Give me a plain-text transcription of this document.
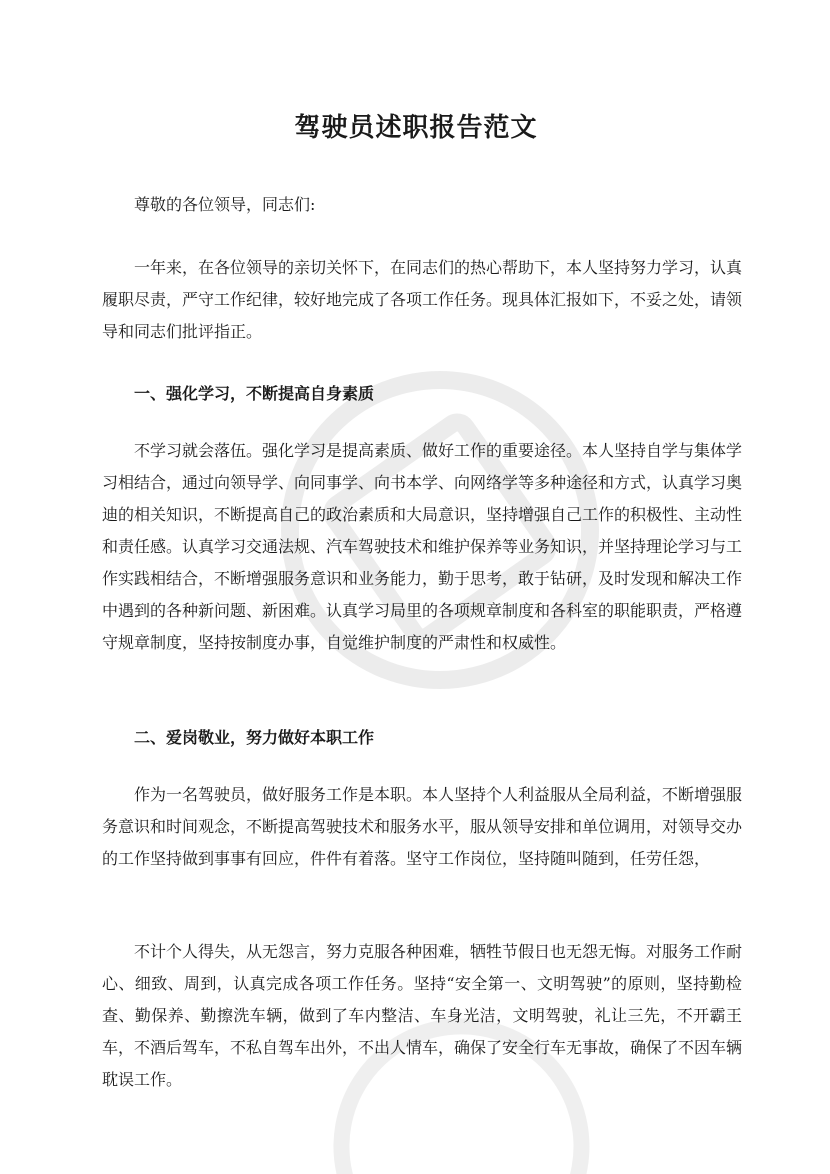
驾驶员述职报告范文

尊敬的各位领导，同志们:

一年来，在各位领导的亲切关怀下，在同志们的热心帮助下，本人坚持努力学习，认真履职尽责，严守工作纪律，较好地完成了各项工作任务。现具体汇报如下，不妥之处，请领导和同志们批评指正。

一、强化学习，不断提高自身素质

不学习就会落伍。强化学习是提高素质、做好工作的重要途径。本人坚持自学与集体学习相结合，通过向领导学、向同事学、向书本学、向网络学等多种途径和方式，认真学习奥迪的相关知识，不断提高自己的政治素质和大局意识，坚持增强自己工作的积极性、主动性和责任感。认真学习交通法规、汽车驾驶技术和维护保养等业务知识，并坚持理论学习与工作实践相结合，不断增强服务意识和业务能力，勤于思考，敢于钻研，及时发现和解决工作中遇到的各种新问题、新困难。认真学习局里的各项规章制度和各科室的职能职责，严格遵守规章制度，坚持按制度办事，自觉维护制度的严肃性和权威性。

二、爱岗敬业，努力做好本职工作

作为一名驾驶员，做好服务工作是本职。本人坚持个人利益服从全局利益，不断增强服务意识和时间观念，不断提高驾驶技术和服务水平，服从领导安排和单位调用，对领导交办的工作坚持做到事事有回应，件件有着落。坚守工作岗位，坚持随叫随到，任劳任怨，

不计个人得失，从无怨言，努力克服各种困难，牺牲节假日也无怨无悔。对服务工作耐心、细致、周到，认真完成各项工作任务。坚持“安全第一、文明驾驶”的原则，坚持勤检查、勤保养、勤擦洗车辆，做到了车内整洁、车身光洁，文明驾驶，礼让三先，不开霸王车，不酒后驾车，不私自驾车出外，不出人情车，确保了安全行车无事故，确保了不因车辆耽误工作。
